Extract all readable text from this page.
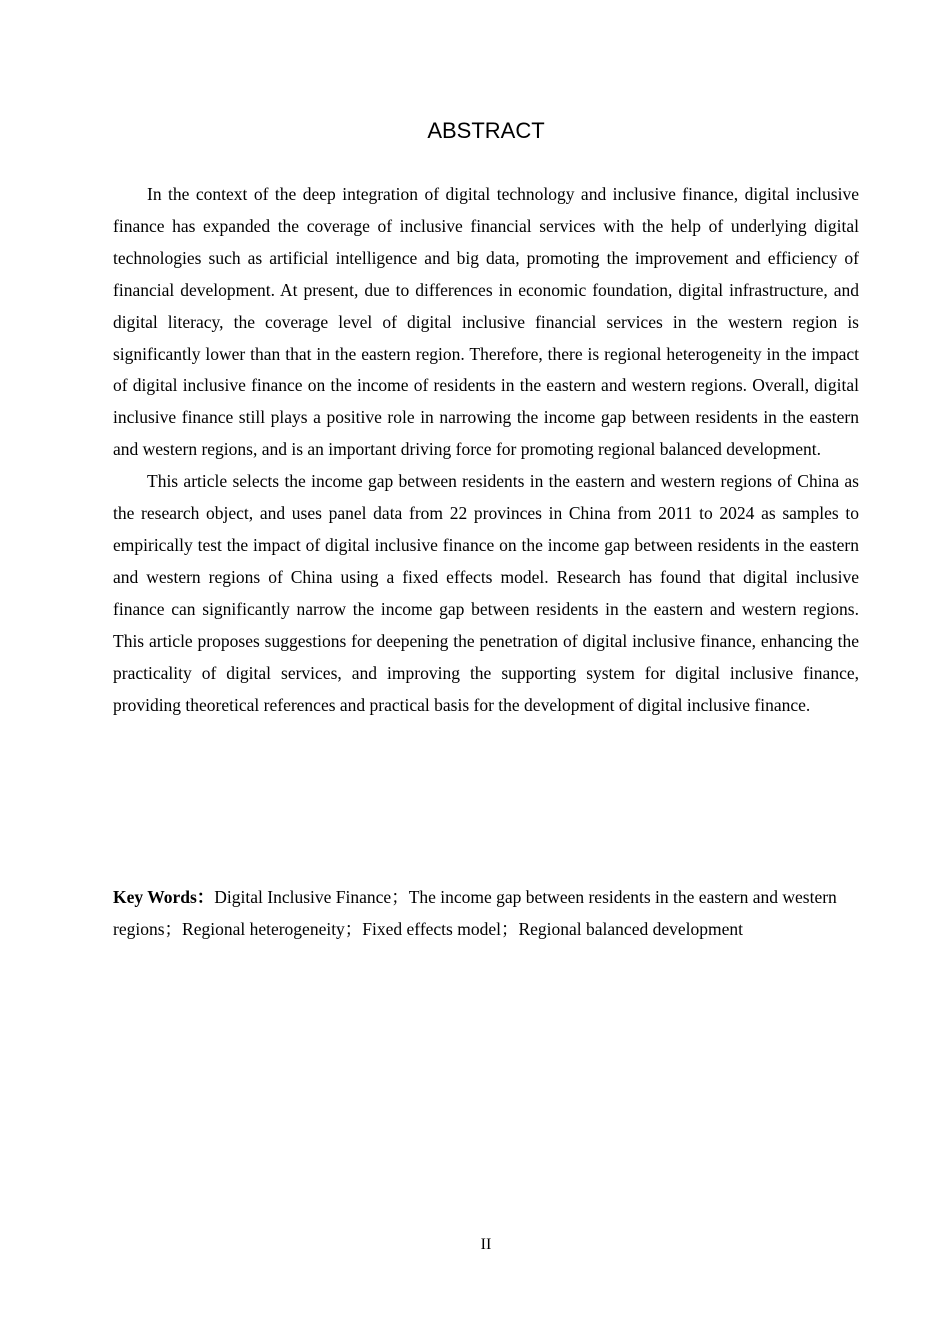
ABSTRACT

In the context of the deep integration of digital technology and inclusive finance, digital inclusive finance has expanded the coverage of inclusive financial services with the help of underlying digital technologies such as artificial intelligence and big data, promoting the improvement and efficiency of financial development. At present, due to differences in economic foundation, digital infrastructure, and digital literacy, the coverage level of digital inclusive financial services in the western region is significantly lower than that in the eastern region. Therefore, there is regional heterogeneity in the impact of digital inclusive finance on the income of residents in the eastern and western regions. Overall, digital inclusive finance still plays a positive role in narrowing the income gap between residents in the eastern and western regions, and is an important driving force for promoting regional balanced development.

This article selects the income gap between residents in the eastern and western regions of China as the research object, and uses panel data from 22 provinces in China from 2011 to 2024 as samples to empirically test the impact of digital inclusive finance on the income gap between residents in the eastern and western regions of China using a fixed effects model. Research has found that digital inclusive finance can significantly narrow the income gap between residents in the eastern and western regions. This article proposes suggestions for deepening the penetration of digital inclusive finance, enhancing the practicality of digital services, and improving the supporting system for digital inclusive finance, providing theoretical references and practical basis for the development of digital inclusive finance.

Key Words：Digital Inclusive Finance；The income gap between residents in the eastern and western regions；Regional heterogeneity；Fixed effects model；Regional balanced development

II
